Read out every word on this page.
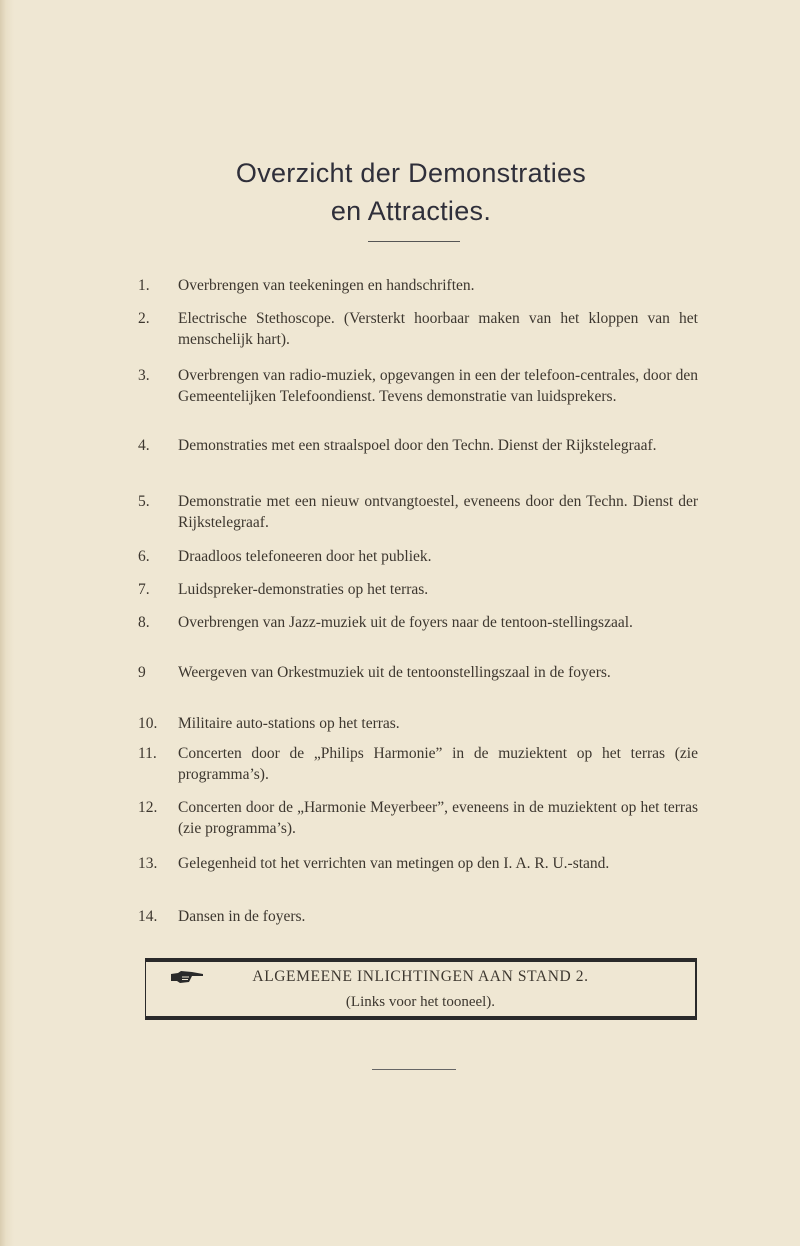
Overzicht der Demonstraties
en Attracties.
1.	Overbrengen van teekeningen en handschriften.
2.	Electrische Stethoscope. (Versterkt hoorbaar maken van het kloppen van het menschelijk hart).
3.	Overbrengen van radio-muziek, opgevangen in een der telefoon-centrales, door den Gemeentelijken Telefoondienst. Tevens demonstratie van luidsprekers.
4.	Demonstraties met een straalspoel door den Techn. Dienst der Rijkstelegraaf.
5.	Demonstratie met een nieuw ontvangtoestel, eveneens door den Techn. Dienst der Rijkstelegraaf.
6.	Draadloos telefoneeren door het publiek.
7.	Luidspreker-demonstraties op het terras.
8.	Overbrengen van Jazz-muziek uit de foyers naar de tentoon-stellingszaal.
9	Weergeven van Orkestmuziek uit de tentoonstellingszaal in de foyers.
10.	Militaire auto-stations op het terras.
11.	Concerten door de „Philips Harmonie” in de muziektent op het terras (zie programma’s).
12.	Concerten door de „Harmonie Meyerbeer”, eveneens in de muziektent op het terras (zie programma’s).
13.	Gelegenheid tot het verrichten van metingen op den I. A. R. U.-stand.
14.	Dansen in de foyers.
ALGEMEENE INLICHTINGEN AAN STAND 2.
(Links voor het tooneel).
